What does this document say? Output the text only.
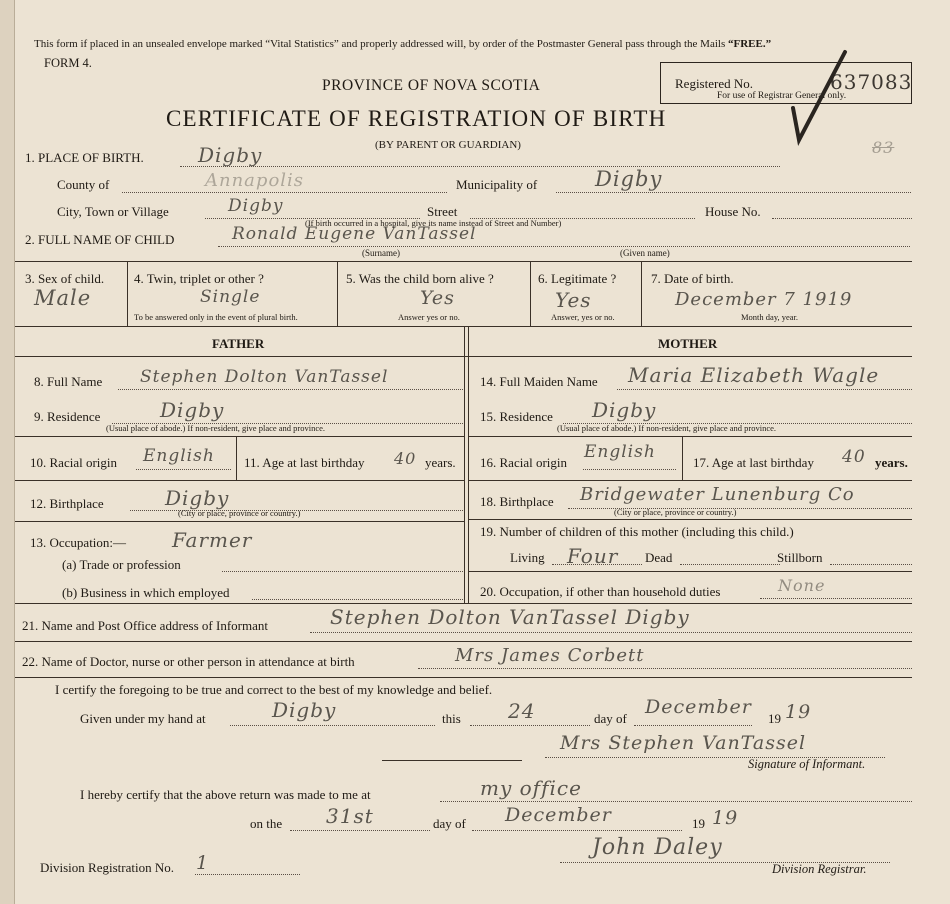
This form if placed in an unsealed envelope marked “Vital Statistics” and properly addressed will, by order of the Postmaster General pass through the Mails “FREE.”
FORM 4.
PROVINCE OF NOVA SCOTIA
CERTIFICATE OF REGISTRATION OF BIRTH
(BY PARENT OR GUARDIAN)
Registered No.
For use of Registrar General only.
637083
83
1. PLACE OF BIRTH.	Digby
County of	Annapolis	Municipality of	Digby
City, Town or Village	Digby	Street
(If birth occurred in a hospital, give its name instead of Street and Number)
House No.
2. FULL NAME OF CHILD	Ronald Eugene VanTassel
(Surname)	(Given name)
3. Sex of child.
Male
4. Twin, triplet or other ?
Single
To be answered only in the event of plural birth.
5. Was the child born alive ?
Yes
Answer yes or no.
6. Legitimate ?
Yes
Answer, yes or no.
7. Date of birth.
December 7 1919
Month day, year.
FATHER	MOTHER
8. Full Name Stephen Dolton VanTassel
9. Residence	Digby
(Usual place of abode.) If non-resident, give place and province.
10. Racial origin English 11. Age at last birthday 40 years.
12. Birthplace	Digby
(City or place, province or country.)
13. Occupation:— Farmer
(a) Trade or profession
(b) Business in which employed
14. Full Maiden Name Maria Elizabeth Wagle
15. Residence Digby
(Usual place of abode.) If non-resident, give place and province.
16. Racial origin
English
17. Age at last birthday 40 years.
18. Birthplace Bridgewater Lunenburg Co
(City or place, province or country.)
19. Number of children of this mother (including this child.)
Living Four Dead	Stillborn
20. Occupation, if other than household duties	None
21. Name and Post Office address of Informant	Stephen Dolton VanTassel Digby
22. Name of Doctor, nurse or other person in attendance at birth	Mrs James Corbett
I certify the foregoing to be true and correct to the best of my knowledge and belief.
Given under my hand at	Digby	this 24	day of
December
19 19
Mrs Stephen VanTassel
Signature of Informant.
I hereby certify that the above return was made to me at	my office
on the 31st	day of December	19 19
Division Registration No. 1
John Daley
Division Registrar.
